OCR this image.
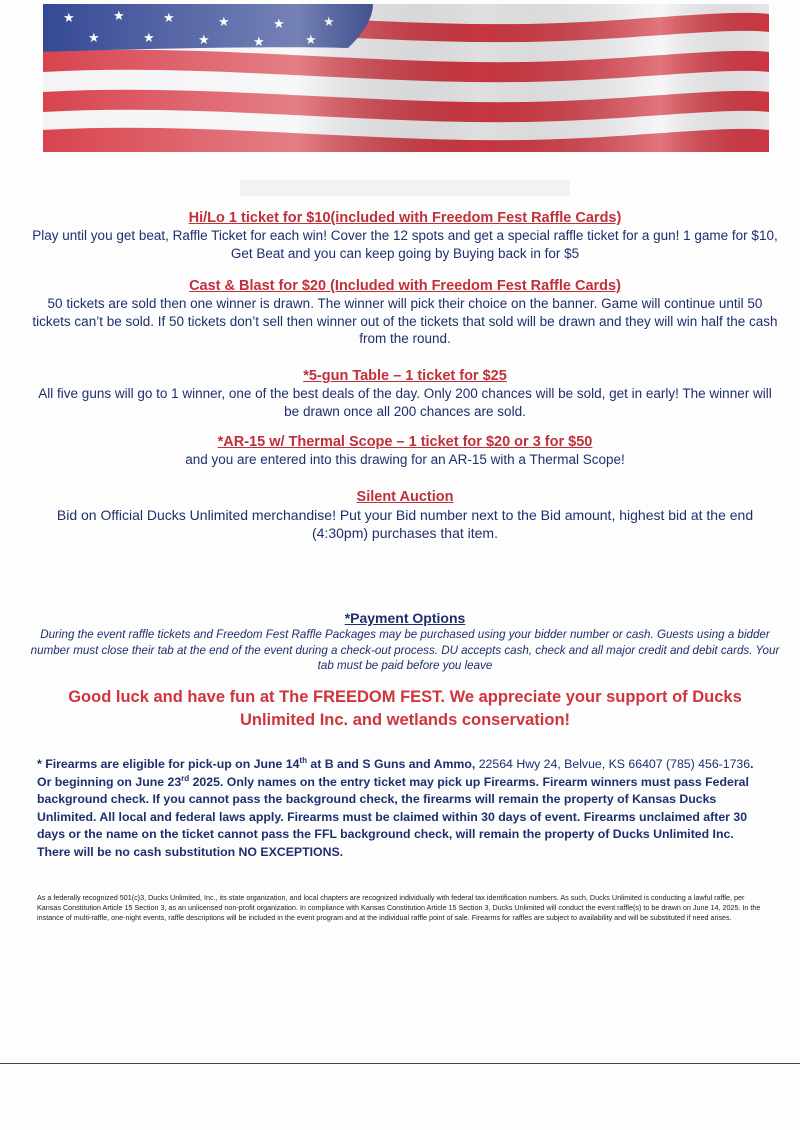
Hi/Lo 1 ticket for $10(included with Freedom Fest Raffle Cards)
Play until you get beat, Raffle Ticket for each win! Cover the 12 spots and get a special raffle ticket for a gun! 1 game for $10, Get Beat and you can keep going by Buying back in for $5
Cast & Blast for $20 (Included with Freedom Fest Raffle Cards)
50 tickets are sold then one winner is drawn. The winner will pick their choice on the banner. Game will continue until 50 tickets can’t be sold. If 50 tickets don’t sell then winner out of the tickets that sold will be drawn and they will win half the cash from the round.
*5-gun Table – 1 ticket for $25
All five guns will go to 1 winner, one of the best deals of the day. Only 200 chances will be sold, get in early! The winner will be drawn once all 200 chances are sold.
*AR-15 w/ Thermal Scope – 1 ticket for $20 or 3 for $50
and you are entered into this drawing for an AR-15 with a Thermal Scope!
Silent Auction
Bid on Official Ducks Unlimited merchandise! Put your Bid number next to the Bid amount, highest bid at the end (4:30pm) purchases that item.
*Payment Options
During the event raffle tickets and Freedom Fest Raffle Packages may be purchased using your bidder number or cash. Guests using a bidder number must close their tab at the end of the event during a check-out process. DU accepts cash, check and all major credit and debit cards. Your tab must be paid before you leave
Good luck and have fun at The FREEDOM FEST. We appreciate your support of Ducks Unlimited Inc. and wetlands conservation!
* Firearms are eligible for pick-up on June 14th at B and S Guns and Ammo, 22564 Hwy 24, Belvue, KS 66407 (785) 456-1736. Or beginning on June 23rd 2025. Only names on the entry ticket may pick up Firearms. Firearm winners must pass Federal background check. If you cannot pass the background check, the firearms will remain the property of Kansas Ducks Unlimited. All local and federal laws apply. Firearms must be claimed within 30 days of event. Firearms unclaimed after 30 days or the name on the ticket cannot pass the FFL background check, will remain the property of Ducks Unlimited Inc. There will be no cash substitution NO EXCEPTIONS.
As a federally recognized 501(c)3, Ducks Unlimited, Inc., its state organization, and local chapters are recognized individually with federal tax identification numbers. As such, Ducks Unlimited is conducting a lawful raffle, per Kansas Constitution Article 15 Section 3, as an unlicensed non-profit organization. In compliance with Kansas Constitution Article 15 Section 3, Ducks Unlimited will conduct the event raffle(s) to be drawn on June 14, 2025. In the instance of multi-raffle, one-night events, raffle descriptions will be included in the event program and at the individual raffle point of sale. Firearms for raffles are subject to availability and will be substituted if need arises.
